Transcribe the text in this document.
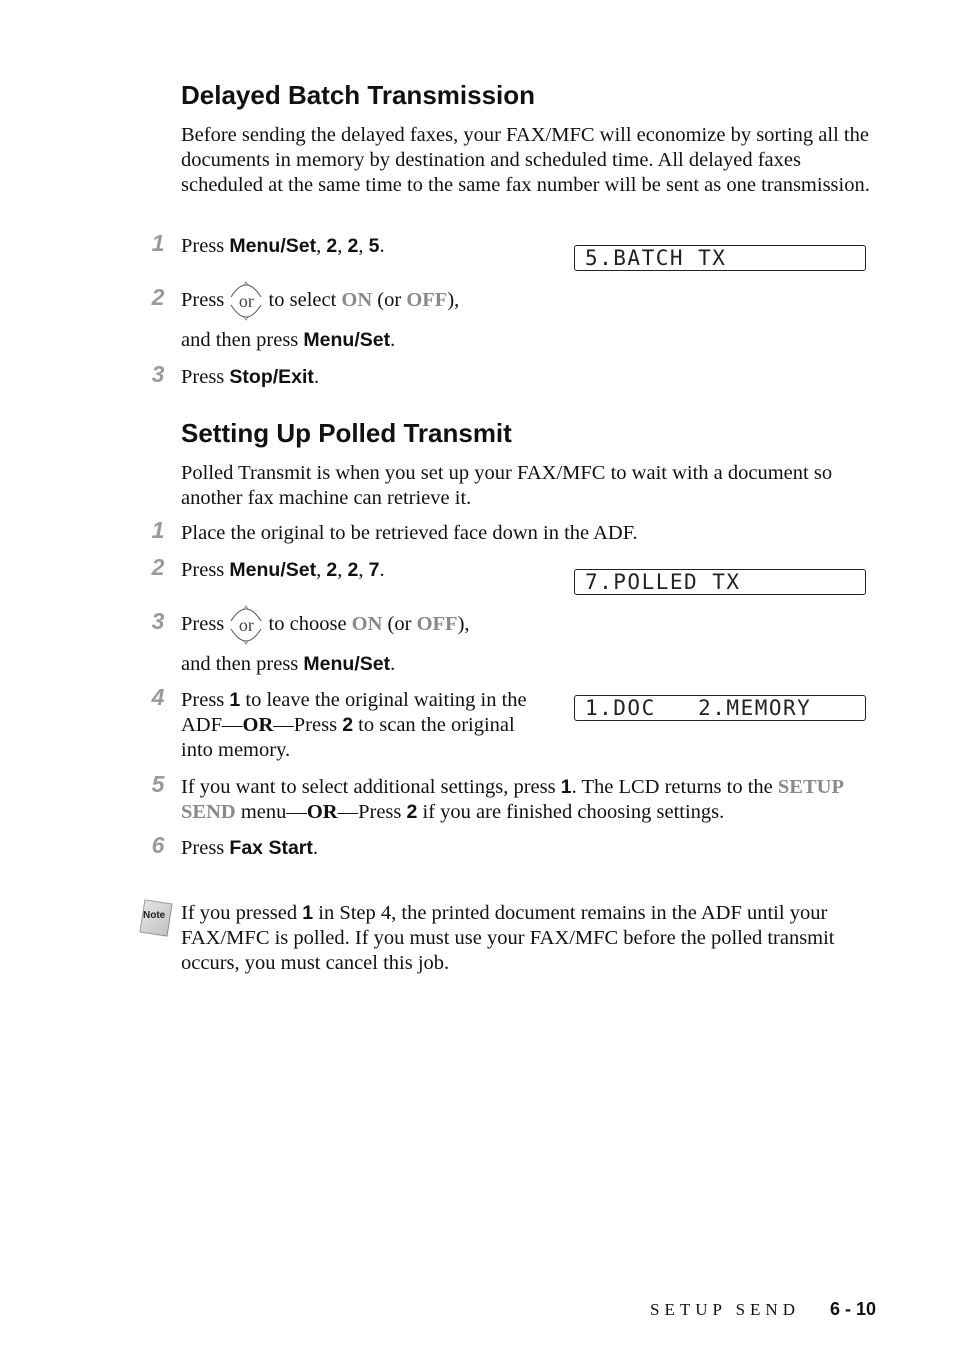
Delayed Batch Transmission

Before sending the delayed faxes, your FAX/MFC will economize by sorting all the documents in memory by destination and scheduled time. All delayed faxes scheduled at the same time to the same fax number will be sent as one transmission.

1 Press Menu/Set, 2, 2, 5.	5.BATCH TX
2 Press or to select ON (or OFF),

and then press Menu/Set.

3 Press Stop/Exit.

Setting Up Polled Transmit

Polled Transmit is when you set up your FAX/MFC to wait with a document so another fax machine can retrieve it.

1 Place the original to be retrieved face down in the ADF.

2 Press Menu/Set, 2, 2, 7.	7.POLLED TX
3 Press or to choose ON (or OFF),

and then press Menu/Set.

4 Press 1 to leave the original waiting in the ADF—OR—Press 2 to scan the original into memory.

1.DOC   2.MEMORY
5 If you want to select additional settings, press 1. The LCD returns to the SETUP SEND menu—OR—Press 2 if you are finished choosing settings.

6 Press Fax Start.

Note If you pressed 1 in Step 4, the printed document remains in the ADF until your FAX/MFC is polled. If you must use your FAX/MFC before the polled transmit occurs, you must cancel this job.

SETUP SEND 6 - 10
